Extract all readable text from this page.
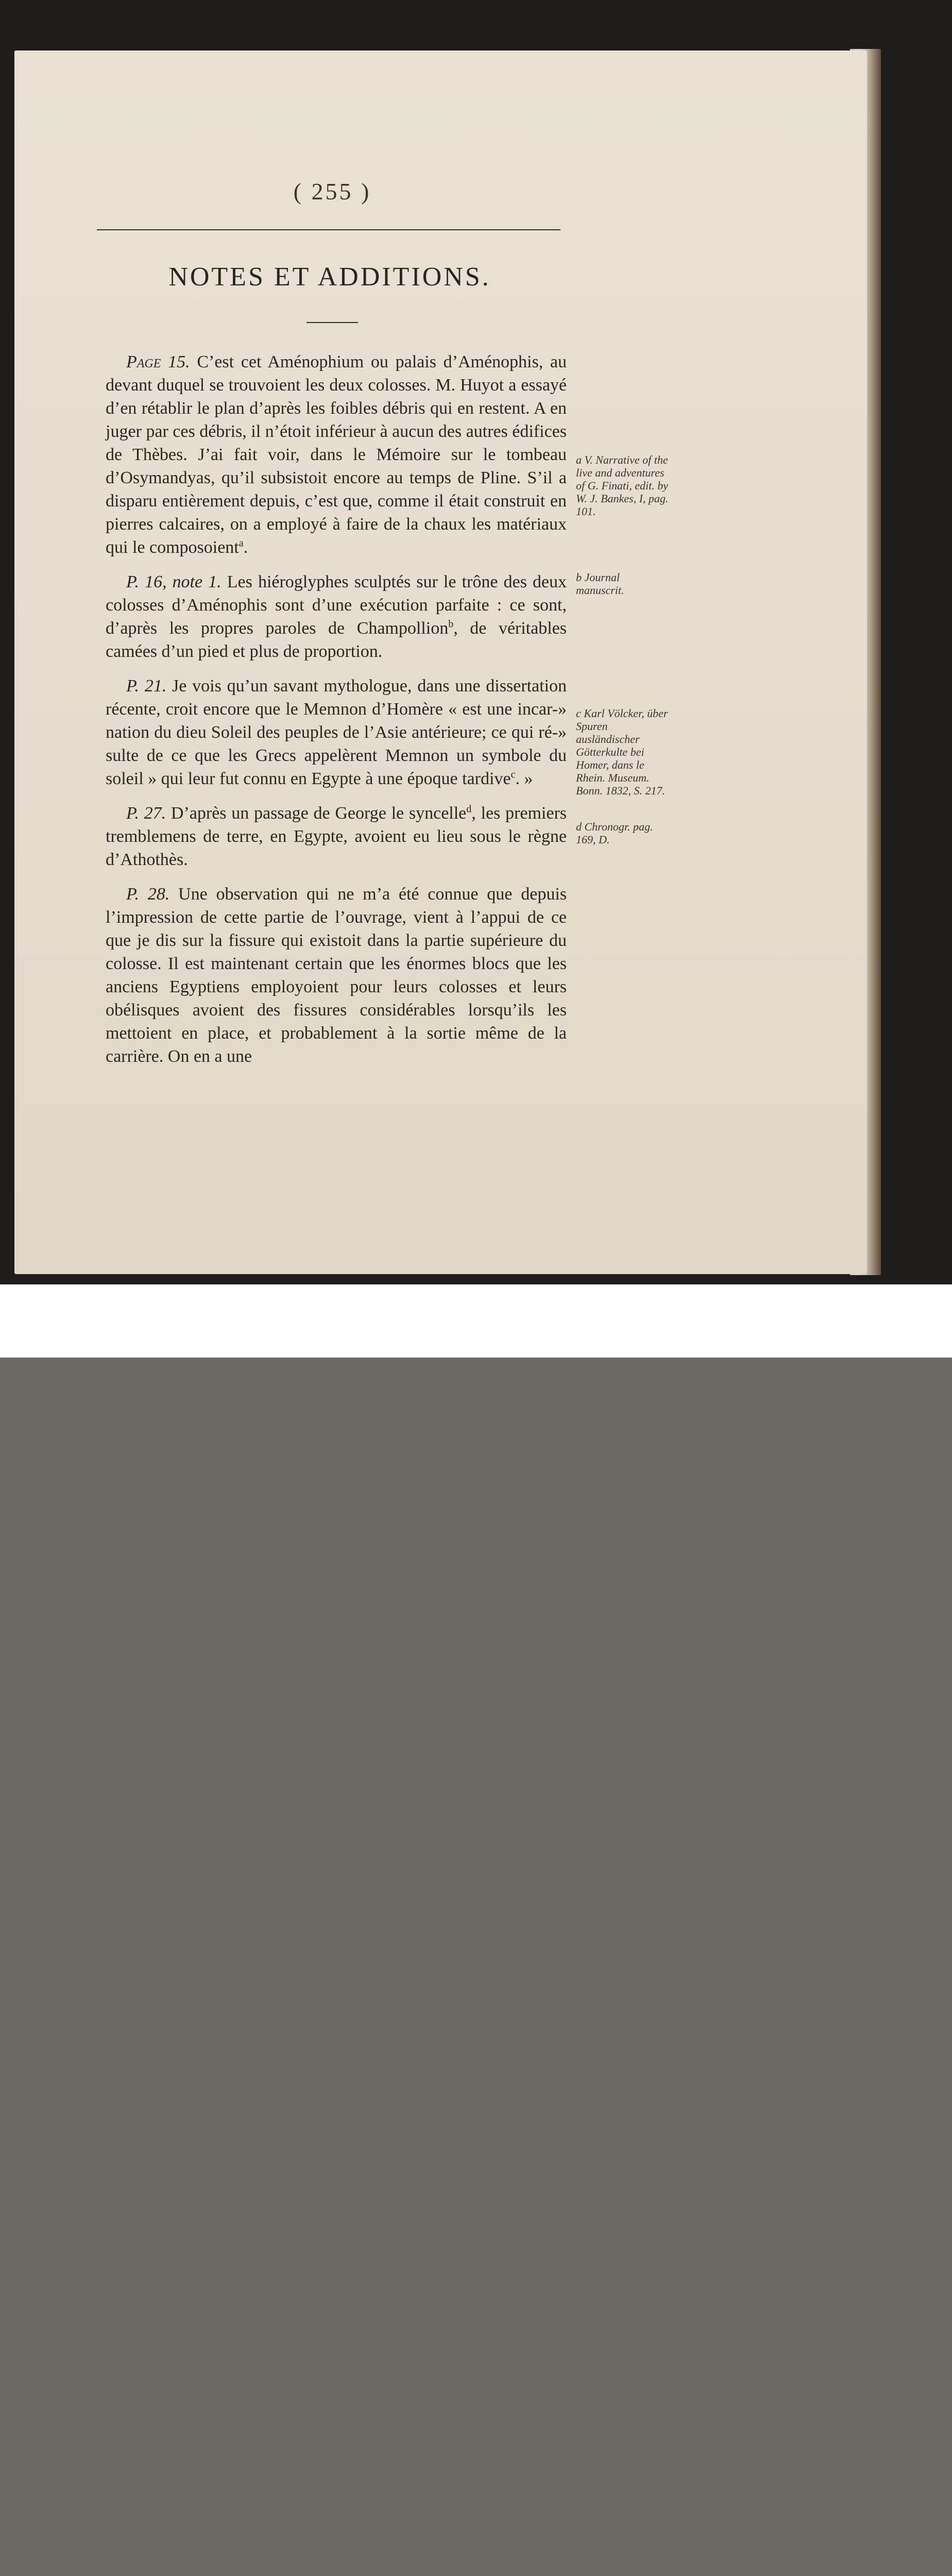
( 255 )
NOTES ET ADDITIONS.

Page 15. C’est cet Aménophium ou palais d’Aménophis, au devant duquel se trouvoient les deux colosses. M. Huyot a essayé d’en rétablir le plan d’après les foibles débris qui en restent. A en juger par ces débris, il n’étoit inférieur à aucun des autres édifices de Thèbes. J’ai fait voir, dans le Mémoire sur le tombeau d’Osymandyas, qu’il subsistoit encore au temps de Pline. S’il a disparu entièrement depuis, c’est que, comme il était construit en pierres calcaires, on a employé à faire de la chaux les matériaux qui le composoient$^a$.

P. 16, note 1. Les hiéroglyphes sculptés sur le trône des deux colosses d’Aménophis sont d’une exécution parfaite : ce sont, d’après les propres paroles de Champollion$^b$, de véritables camées d’un pied et plus de proportion.

P. 21. Je vois qu’un savant mythologue, dans une dissertation récente, croit encore que le Memnon d’Homère « est une incar-» nation du dieu Soleil des peuples de l’Asie antérieure; ce qui ré-» sulte de ce que les Grecs appelèrent Memnon un symbole du soleil » qui leur fut connu en Egypte à une époque tardive$^c$. »

P. 27. D’après un passage de George le syncelle$^d$, les premiers tremblemens de terre, en Egypte, avoient eu lieu sous le règne d’Athothès.

P. 28. Une observation qui ne m’a été connue que depuis l’impression de cette partie de l’ouvrage, vient à l’appui de ce que je dis sur la fissure qui existoit dans la partie supérieure du colosse. Il est maintenant certain que les énormes blocs que les anciens Egyptiens employoient pour leurs colosses et leurs obélisques avoient des fissures considérables lorsqu’ils les mettoient en place, et probablement à la sortie même de la carrière. On en a une

a V. Narrative of the live and adventures of G. Finati, edit. by W. J. Bankes, I, pag. 101.
b Journal manuscrit.
c Karl Völcker, über Spuren ausländischer Götterkulte bei Homer, dans le Rhein. Museum. Bonn. 1832, S. 217.
d Chronogr. pag. 169, D.
